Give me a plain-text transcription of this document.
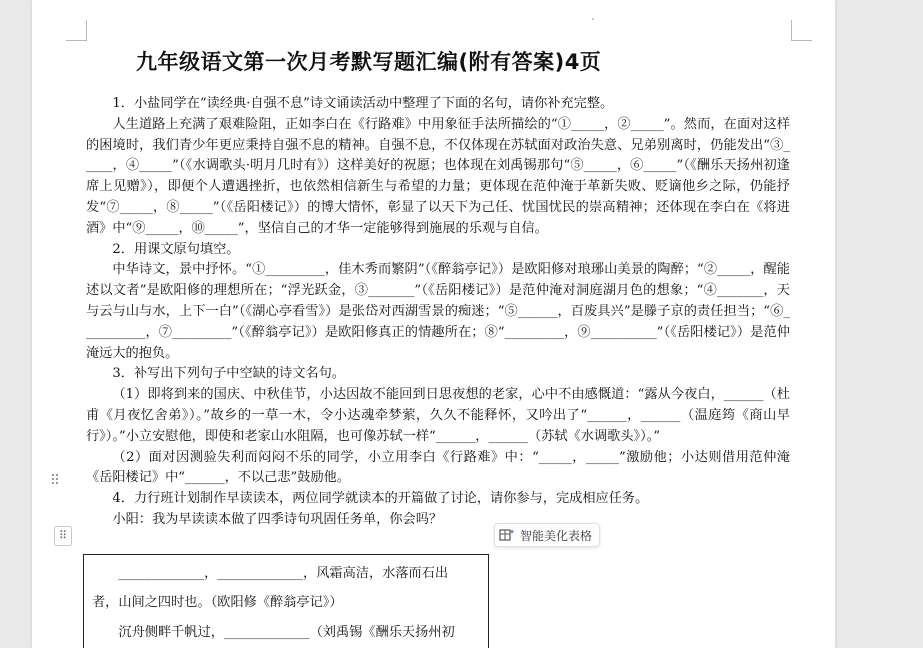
九年级语文第一次月考默写题汇编(附有答案)4页

1．小盐同学在“读经典·自强不息”诗文诵读活动中整理了下面的名句，请你补充完整。

人生道路上充满了艰难险阻，正如李白在《行路难》中用象征手法所描绘的“①_____，②_____”。然而，在面对这样的困境时，我们青少年更应秉持自强不息的精神。自强不息，不仅体现在苏轼面对政治失意、兄弟别离时，仍能发出“③_____，④_____”（《水调歌头·明月几时有》）这样美好的祝愿；也体现在刘禹锡那句“⑤_____，⑥_____”（《酬乐天扬州初逢席上见赠》），即便个人遭遇挫折，也依然相信新生与希望的力量；更体现在范仲淹于革新失败、贬谪他乡之际，仍能抒发“⑦_____，⑧_____”（《岳阳楼记》）的博大情怀，彰显了以天下为己任、忧国忧民的崇高精神；还体现在李白在《将进酒》中“⑨_____，⑩_____”，坚信自己的才华一定能够得到施展的乐观与自信。

2．用课文原句填空。

中华诗文，景中抒怀。“①_________，佳木秀而繁阴”（《醉翁亭记》）是欧阳修对琅琊山美景的陶醉；“②_____，醒能述以文者”是欧阳修的理想所在；“浮光跃金，③_______”（《岳阳楼记》）是范仲淹对洞庭湖月色的想象；“④_______，天与云与山与水，上下一白”（《湖心亭看雪》）是张岱对西湖雪景的痴迷；“⑤______，百废具兴”是滕子京的责任担当；“⑥__________，⑦_________”（《醉翁亭记》）是欧阳修真正的情趣所在；⑧“_________，⑨__________”（《岳阳楼记》）是范仲淹远大的抱负。

3．补写出下列句子中空缺的诗文名句。

（1）即将到来的国庆、中秋佳节，小达因故不能回到日思夜想的老家，心中不由感慨道：“露从今夜白，______（杜甫《月夜忆舍弟》）。”故乡的一草一木，令小达魂牵梦萦，久久不能释怀，又吟出了“______，______（温庭筠《商山早行》）。”小立安慰他，即使和老家山水阻隔，也可像苏轼一样“______，______（苏轼《水调歌头》）。”

（2）面对因测验失利而闷闷不乐的同学，小立用李白《行路难》中：“_____，_____”激励他；小达则借用范仲淹《岳阳楼记》中“______，不以己悲”鼓励他。

4．力行班计划制作早读读本，两位同学就读本的开篇做了讨论，请你参与，完成相应任务。

小阳：我为早读读本做了四季诗句巩固任务单，你会吗？

_____________，_____________，风霜高洁，水落而石出

者，山间之四时也。（欧阳修《醉翁亭记》）

沉舟侧畔千帆过，_____________（刘禹锡《酬乐天扬州初

⠿
⠿	智能美化表格
